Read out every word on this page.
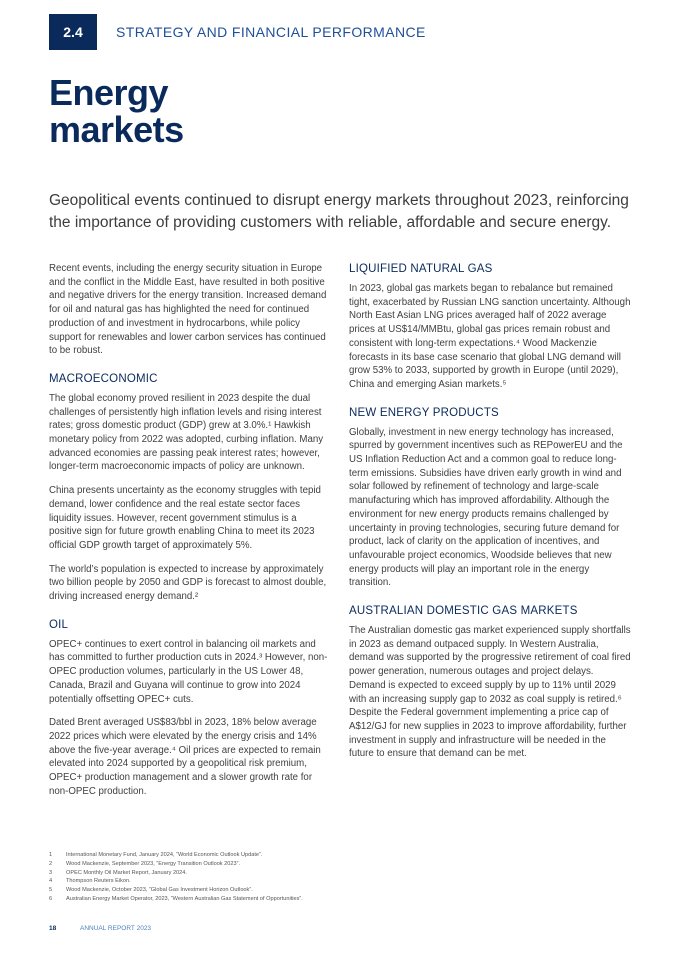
2.4	STRATEGY AND FINANCIAL PERFORMANCE
Energy
markets

Geopolitical events continued to disrupt energy markets throughout 2023, reinforcing the importance of providing customers with reliable, affordable and secure energy.

Recent events, including the energy security situation in Europe and the conflict in the Middle East, have resulted in both positive and negative drivers for the energy transition. Increased demand for oil and natural gas has highlighted the need for continued production of and investment in hydrocarbons, while policy support for renewables and lower carbon services has continued to be robust.

MACROECONOMIC

The global economy proved resilient in 2023 despite the dual challenges of persistently high inflation levels and rising interest rates; gross domestic product (GDP) grew at 3.0%.¹ Hawkish monetary policy from 2022 was adopted, curbing inflation. Many advanced economies are passing peak interest rates; however, longer-term macroeconomic impacts of policy are unknown.

China presents uncertainty as the economy struggles with tepid demand, lower confidence and the real estate sector faces liquidity issues. However, recent government stimulus is a positive sign for future growth enabling China to meet its 2023 official GDP growth target of approximately 5%.

The world’s population is expected to increase by approximately two billion people by 2050 and GDP is forecast to almost double, driving increased energy demand.²

OIL

OPEC+ continues to exert control in balancing oil markets and has committed to further production cuts in 2024.³ However, non-OPEC production volumes, particularly in the US Lower 48, Canada, Brazil and Guyana will continue to grow into 2024 potentially offsetting OPEC+ cuts.

Dated Brent averaged US$83/bbl in 2023, 18% below average 2022 prices which were elevated by the energy crisis and 14% above the five-year average.⁴ Oil prices are expected to remain elevated into 2024 supported by a geopolitical risk premium, OPEC+ production management and a slower growth rate for non-OPEC production.

LIQUIFIED NATURAL GAS

In 2023, global gas markets began to rebalance but remained tight, exacerbated by Russian LNG sanction uncertainty. Although North East Asian LNG prices averaged half of 2022 average prices at US$14/MMBtu, global gas prices remain robust and consistent with long-term expectations.⁴ Wood Mackenzie forecasts in its base case scenario that global LNG demand will grow 53% to 2033, supported by growth in Europe (until 2029), China and emerging Asian markets.⁵

NEW ENERGY PRODUCTS

Globally, investment in new energy technology has increased, spurred by government incentives such as REPowerEU and the US Inflation Reduction Act and a common goal to reduce long-term emissions. Subsidies have driven early growth in wind and solar followed by refinement of technology and large-scale manufacturing which has improved affordability. Although the environment for new energy products remains challenged by uncertainty in proving technologies, securing future demand for product, lack of clarity on the application of incentives, and unfavourable project economics, Woodside believes that new energy products will play an important role in the energy transition.

AUSTRALIAN DOMESTIC GAS MARKETS

The Australian domestic gas market experienced supply shortfalls in 2023 as demand outpaced supply. In Western Australia, demand was supported by the progressive retirement of coal fired power generation, numerous outages and project delays. Demand is expected to exceed supply by up to 11% until 2029 with an increasing supply gap to 2032 as coal supply is retired.⁶ Despite the Federal government implementing a price cap of A$12/GJ for new supplies in 2023 to improve affordability, further investment in supply and infrastructure will be needed in the future to ensure that demand can be met.

1	International Monetary Fund, January 2024, “World Economic Outlook Update”.
2	Wood Mackenzie, September 2023, “Energy Transition Outlook 2023”.
3	OPEC Monthly Oil Market Report, January 2024.
4	Thompson Reuters Eikon.
5	Wood Mackenzie, October 2023, “Global Gas Investment Horizon Outlook”.
6	Australian Energy Market Operator, 2023, “Western Australian Gas Statement of Opportunities”.
18	ANNUAL REPORT 2023
